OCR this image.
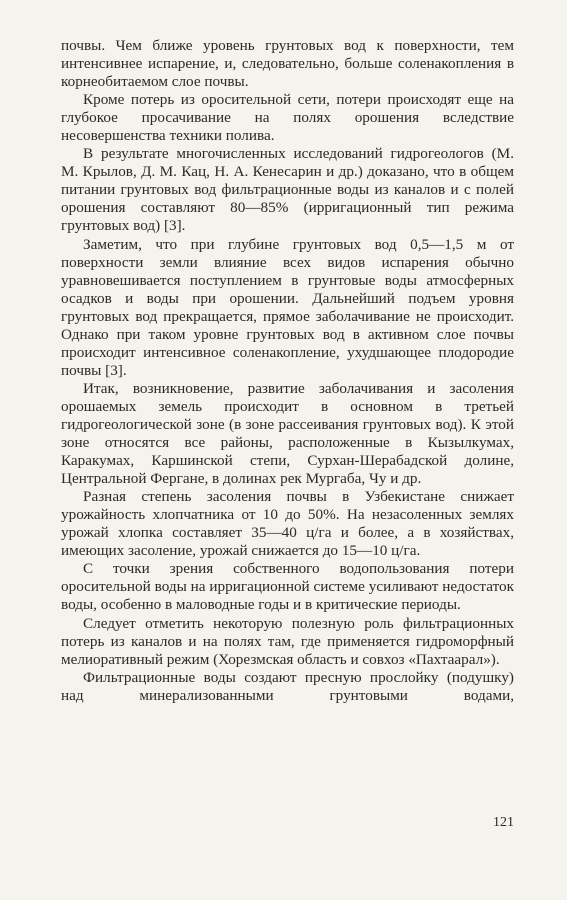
почвы. Чем ближе уровень грунтовых вод к поверхности, тем интенсивнее испарение, и, следовательно, больше соленакопления в корнеобитаемом слое почвы.

Кроме потерь из оросительной сети, потери происходят еще на глубокое просачивание на полях орошения вследствие несовершенства техники полива.

В результате многочисленных исследований гидрогеологов (М. М. Крылов, Д. М. Кац, Н. А. Кенесарин и др.) доказано, что в общем питании грунтовых вод фильтрационные воды из каналов и с полей орошения составляют 80—85% (ирригационный тип режима грунтовых вод) [3].

Заметим, что при глубине грунтовых вод 0,5—1,5 м от поверхности земли влияние всех видов испарения обычно уравновешивается поступлением в грунтовые воды атмосферных осадков и воды при орошении. Дальнейший подъем уровня грунтовых вод прекращается, прямое заболачивание не происходит. Однако при таком уровне грунтовых вод в активном слое почвы происходит интенсивное соленакопление, ухудшающее плодородие почвы [3].

Итак, возникновение, развитие заболачивания и засоления орошаемых земель происходит в основном в третьей гидрогеологической зоне (в зоне рассеивания грунтовых вод). К этой зоне относятся все районы, расположенные в Кызылкумах, Каракумах, Каршинской степи, Сурхан-Шерабадской долине, Центральной Фергане, в долинах рек Мургаба, Чу и др.

Разная степень засоления почвы в Узбекистане снижает урожайность хлопчатника от 10 до 50%. На незасоленных землях урожай хлопка составляет 35—40 ц/га и более, а в хозяйствах, имеющих засоление, урожай снижается до 15—10 ц/га.

С точки зрения собственного водопользования потери оросительной воды на ирригационной системе усиливают недостаток воды, особенно в маловодные годы и в критические периоды.

Следует отметить некоторую полезную роль фильтрационных потерь из каналов и на полях там, где применяется гидроморфный мелиоративный режим (Хорезмская область и совхоз «Пахтаарал»).

Фильтрационные воды создают пресную прослойку (подушку) над минерализованными грунтовыми водами,

121
